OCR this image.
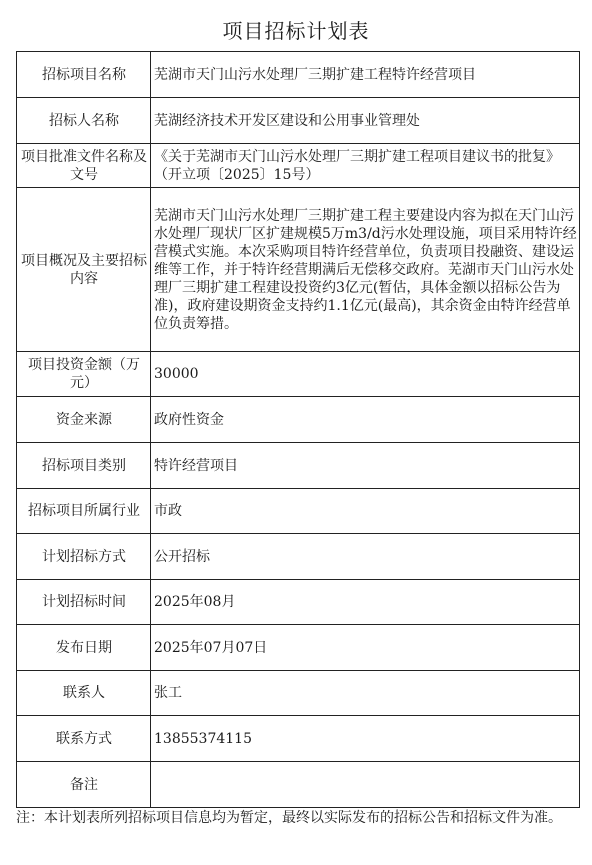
项目招标计划表
招标项目名称	芜湖市天门山污水处理厂三期扩建工程特许经营项目
招标人名称	芜湖经济技术开发区建设和公用事业管理处
项目批准文件名称及文号	《关于芜湖市天门山污水处理厂三期扩建工程项目建议书的批复》（开立项〔2025〕15号）
项目概况及主要招标内容	芜湖市天门山污水处理厂三期扩建工程主要建设内容为拟在天门山污水处理厂现状厂区扩建规模5万m3/d污水处理设施，项目采用特许经营模式实施。本次采购项目特许经营单位，负责项目投融资、建设运维等工作，并于特许经营期满后无偿移交政府。芜湖市天门山污水处理厂三期扩建工程建设投资约3亿元(暂估，具体金额以招标公告为准)，政府建设期资金支持约1.1亿元(最高)，其余资金由特许经营单位负责筹措。
项目投资金额（万元）	30000
资金来源	政府性资金
招标项目类别	特许经营项目
招标项目所属行业	市政
计划招标方式	公开招标
计划招标时间	2025年08月
发布日期	2025年07月07日
联系人	张工
联系方式	13855374115
备注	
注：本计划表所列招标项目信息均为暂定，最终以实际发布的招标公告和招标文件为准。
